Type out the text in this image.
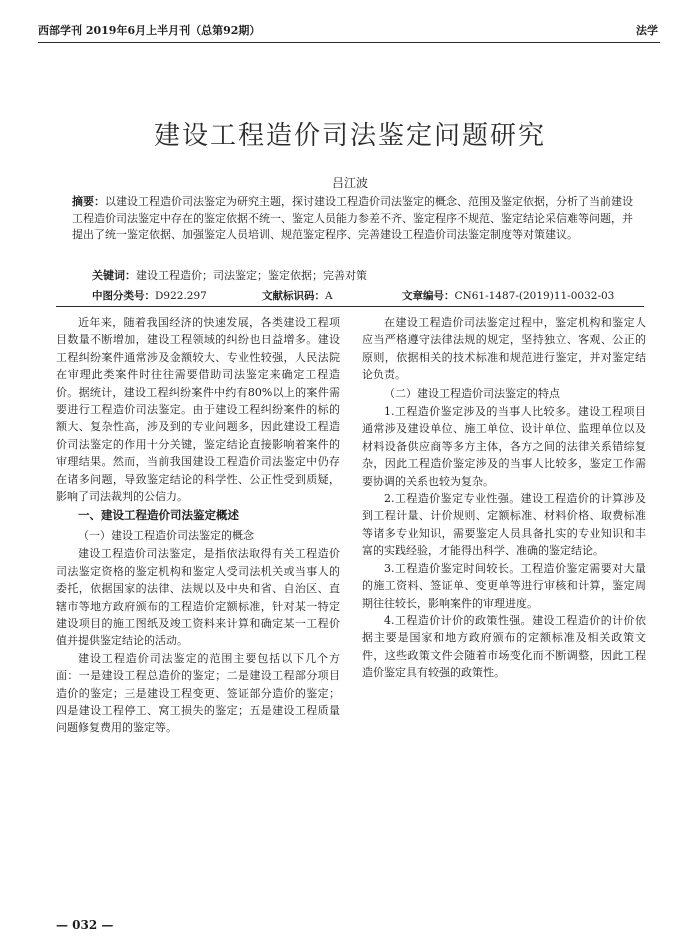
西部学刊 2019年6月上半月刊（总第92期）	法学
建设工程造价司法鉴定问题研究
吕江波
摘要：以建设工程造价司法鉴定为研究主题，探讨建设工程造价司法鉴定的概念、范围及鉴定依据，分析了当前建设工程造价司法鉴定中存在的鉴定依据不统一、鉴定人员能力参差不齐、鉴定程序不规范、鉴定结论采信难等问题，并提出了统一鉴定依据、加强鉴定人员培训、规范鉴定程序、完善建设工程造价司法鉴定制度等对策建议。
关键词：建设工程造价；司法鉴定；鉴定依据；完善对策
中图分类号：D922.297	文献标识码：A	文章编号：CN61-1487-(2019)11-0032-03

近年来，随着我国经济的快速发展，各类建设工程项目数量不断增加，建设工程领域的纠纷也日益增多。建设工程纠纷案件通常涉及金额较大、专业性较强，人民法院在审理此类案件时往往需要借助司法鉴定来确定工程造价。据统计，建设工程纠纷案件中约有80%以上的案件需要进行工程造价司法鉴定。由于建设工程纠纷案件的标的额大、复杂性高，涉及到的专业问题多，因此建设工程造价司法鉴定的作用十分关键，鉴定结论直接影响着案件的审理结果。然而，当前我国建设工程造价司法鉴定中仍存在诸多问题，导致鉴定结论的科学性、公正性受到质疑，影响了司法裁判的公信力。

一、建设工程造价司法鉴定概述
（一）建设工程造价司法鉴定的概念

建设工程造价司法鉴定，是指依法取得有关工程造价司法鉴定资格的鉴定机构和鉴定人受司法机关或当事人的委托，依据国家的法律、法规以及中央和省、自治区、直辖市等地方政府颁布的工程造价定额标准，针对某一特定建设项目的施工图纸及竣工资料来计算和确定某一工程价值并提供鉴定结论的活动。

建设工程造价司法鉴定的范围主要包括以下几个方面：一是建设工程总造价的鉴定；二是建设工程部分项目造价的鉴定；三是建设工程变更、签证部分造价的鉴定；四是建设工程停工、窝工损失的鉴定；五是建设工程质量问题修复费用的鉴定等。

在建设工程造价司法鉴定过程中，鉴定机构和鉴定人应当严格遵守法律法规的规定，坚持独立、客观、公正的原则，依据相关的技术标准和规范进行鉴定，并对鉴定结论负责。

（二）建设工程造价司法鉴定的特点

1.工程造价鉴定涉及的当事人比较多。建设工程项目通常涉及建设单位、施工单位、设计单位、监理单位以及材料设备供应商等多方主体，各方之间的法律关系错综复杂，因此工程造价鉴定涉及的当事人比较多，鉴定工作需要协调的关系也较为复杂。

2.工程造价鉴定专业性强。建设工程造价的计算涉及到工程计量、计价规则、定额标准、材料价格、取费标准等诸多专业知识，需要鉴定人员具备扎实的专业知识和丰富的实践经验，才能得出科学、准确的鉴定结论。

3.工程造价鉴定时间较长。工程造价鉴定需要对大量的施工资料、签证单、变更单等进行审核和计算，鉴定周期往往较长，影响案件的审理进度。

4.工程造价计价的政策性强。建设工程造价的计价依据主要是国家和地方政府颁布的定额标准及相关政策文件，这些政策文件会随着市场变化而不断调整，因此工程造价鉴定具有较强的政策性。

— 032 —
